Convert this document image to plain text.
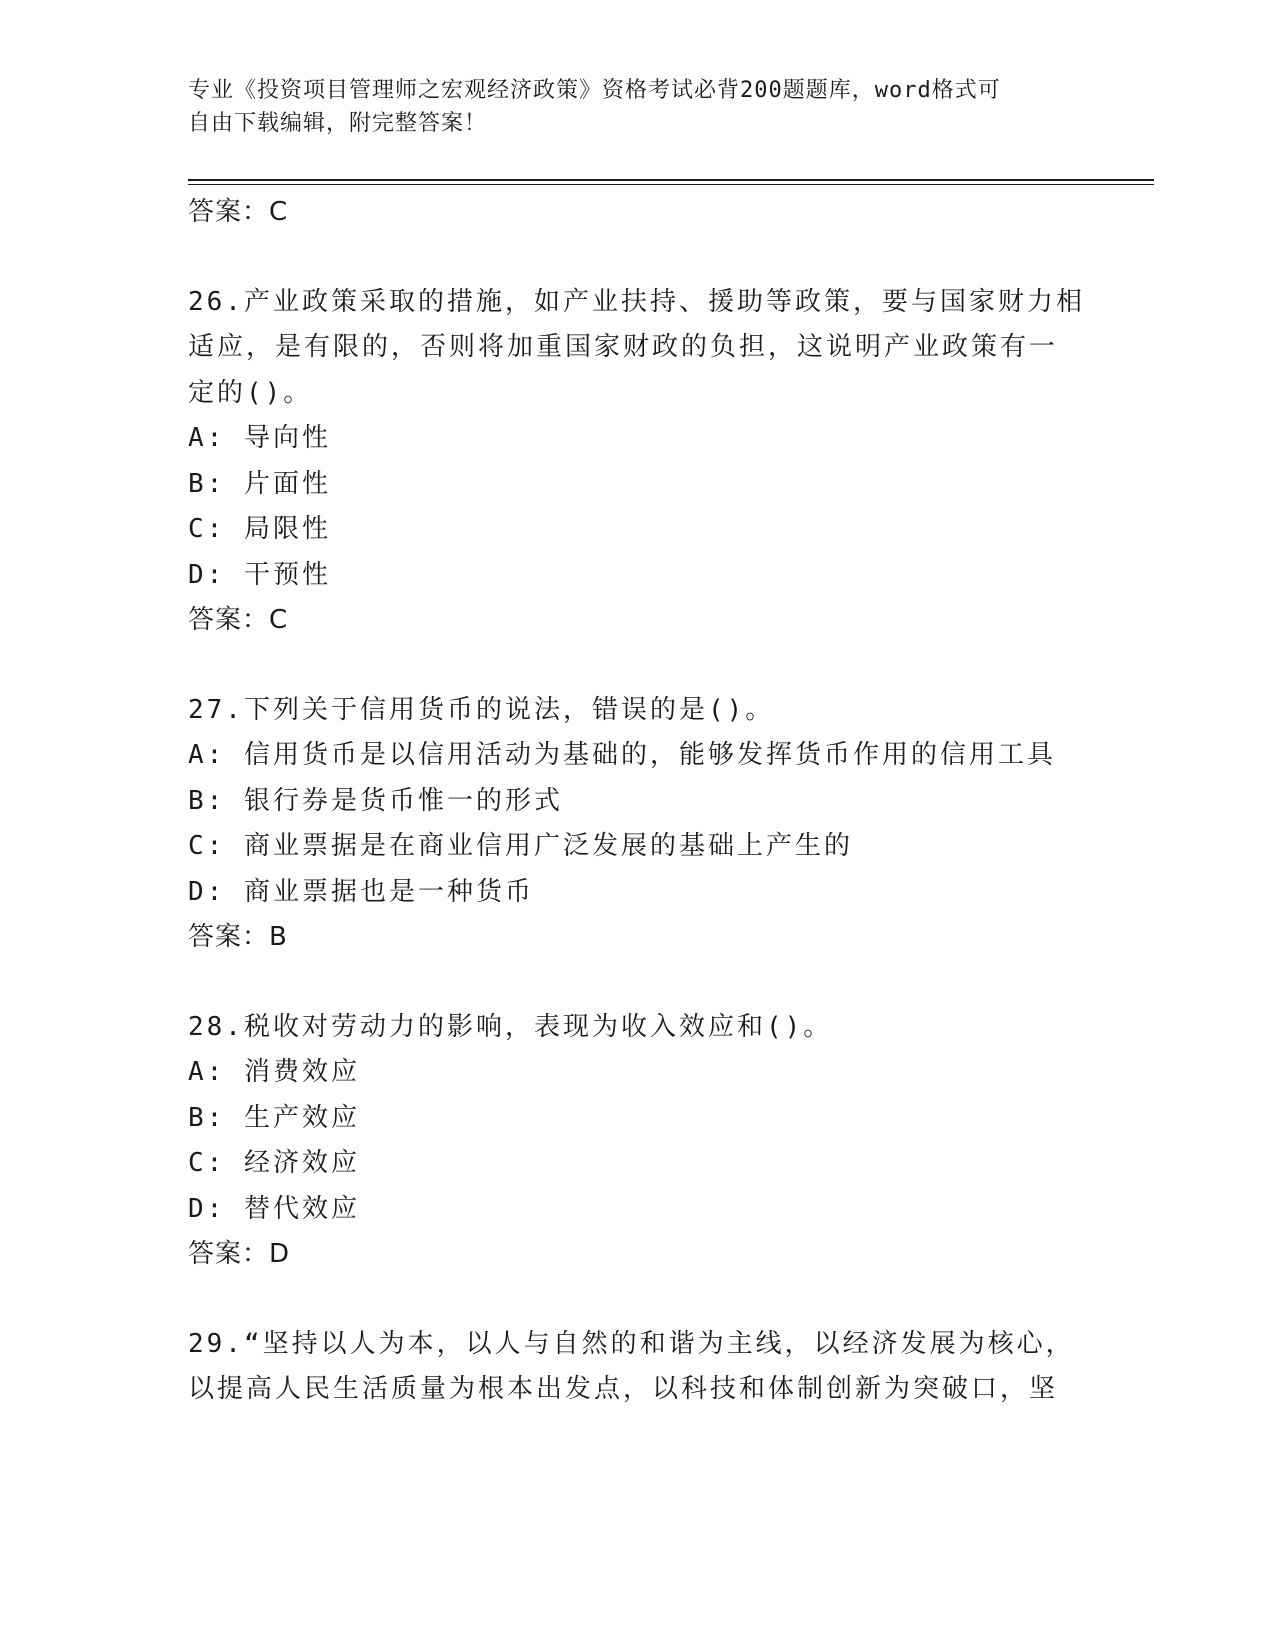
专业《投资项目管理师之宏观经济政策》资格考试必背200题题库，word格式可
自由下载编辑，附完整答案！
答案：C
26.产业政策采取的措施，如产业扶持、援助等政策，要与国家财力相
适应，是有限的，否则将加重国家财政的负担，这说明产业政策有一
定的()。
A: 导向性
B: 片面性
C: 局限性
D: 干预性
答案：C
27.下列关于信用货币的说法，错误的是()。
A: 信用货币是以信用活动为基础的，能够发挥货币作用的信用工具
B: 银行券是货币惟一的形式
C: 商业票据是在商业信用广泛发展的基础上产生的
D: 商业票据也是一种货币
答案：B
28.税收对劳动力的影响，表现为收入效应和()。
A: 消费效应
B: 生产效应
C: 经济效应
D: 替代效应
答案：D
29.“坚持以人为本，以人与自然的和谐为主线，以经济发展为核心，
以提高人民生活质量为根本出发点，以科技和体制创新为突破口，坚
